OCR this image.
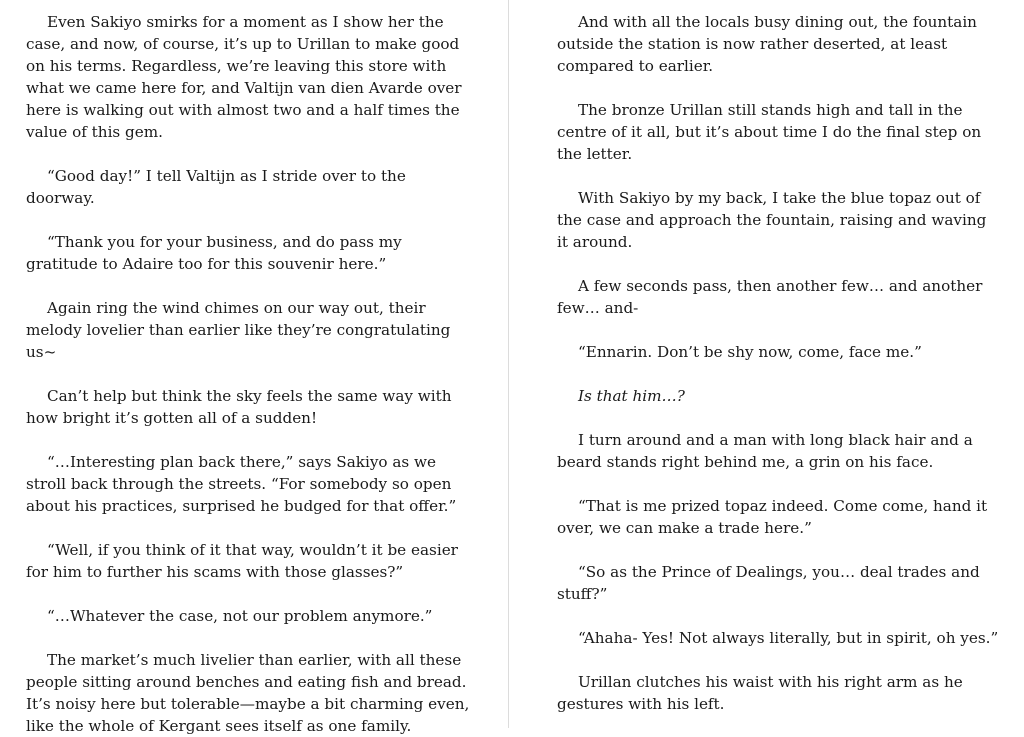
Even Sakiyo smirks for a moment as I show her the case, and now, of course, it’s up to Urillan to make good on his terms. Regardless, we’re leaving this store with what we came here for, and Valtijn van dien Avarde over here is walking out with almost two and a half times the value of this gem.

“Good day!” I tell Valtijn as I stride over to the doorway.

“Thank you for your business, and do pass my gratitude to Adaire too for this souvenir here.”

Again ring the wind chimes on our way out, their melody lovelier than earlier like they’re congratulating us~

Can’t help but think the sky feels the same way with how bright it’s gotten all of a sudden!

“…Interesting plan back there,” says Sakiyo as we stroll back through the streets. “For somebody so open about his practices, surprised he budged for that offer.”

“Well, if you think of it that way, wouldn’t it be easier for him to further his scams with those glasses?”

“…Whatever the case, not our problem anymore.”

The market’s much livelier than earlier, with all these people sitting around benches and eating fish and bread. It’s noisy here but tolerable—maybe a bit charming even, like the whole of Kergant sees itself as one family.

And with all the locals busy dining out, the fountain outside the station is now rather deserted, at least compared to earlier.

The bronze Urillan still stands high and tall in the centre of it all, but it’s about time I do the final step on the letter.

With Sakiyo by my back, I take the blue topaz out of the case and approach the fountain, raising and waving it around.

A few seconds pass, then another few… and another few… and-

“Ennarin. Don’t be shy now, come, face me.”

Is that him…?

I turn around and a man with long black hair and a beard stands right behind me, a grin on his face.

“That is me prized topaz indeed. Come come, hand it over, we can make a trade here.”

“So as the Prince of Dealings, you… deal trades and stuff?”

“Ahaha- Yes! Not always literally, but in spirit, oh yes.”

Urillan clutches his waist with his right arm as he gestures with his left.
